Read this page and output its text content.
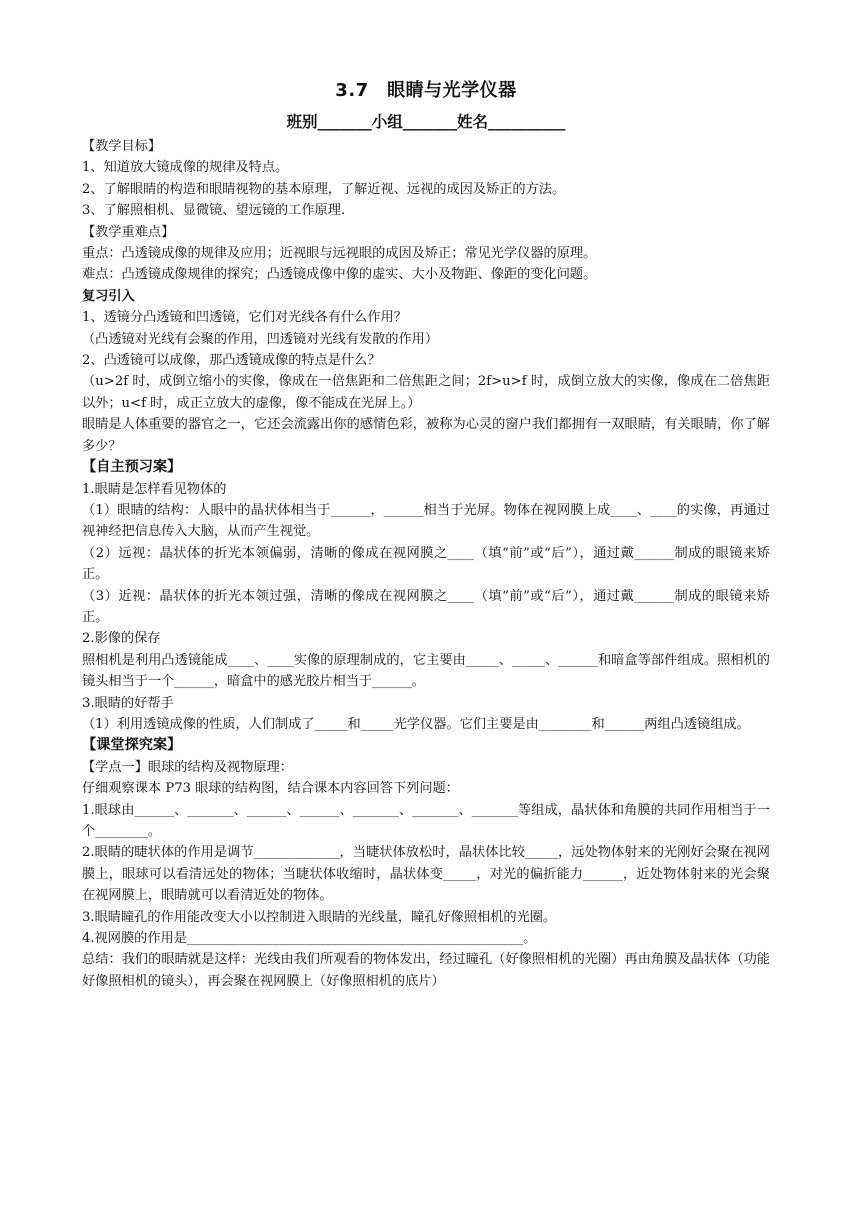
3.7　眼睛与光学仪器
班别_______小组_______姓名__________

【教学目标】

1、知道放大镜成像的规律及特点。

2、了解眼睛的构造和眼睛视物的基本原理，了解近视、远视的成因及矫正的方法。

3、了解照相机、显微镜、望远镜的工作原理.

【教学重难点】

重点：凸透镜成像的规律及应用；近视眼与远视眼的成因及矫正；常见光学仪器的原理。

难点：凸透镜成像规律的探究；凸透镜成像中像的虚实、大小及物距、像距的变化问题。

复习引入

1、透镜分凸透镜和凹透镜，它们对光线各有什么作用？

（凸透镜对光线有会聚的作用，凹透镜对光线有发散的作用）

2、凸透镜可以成像，那凸透镜成像的特点是什么？

（u>2f 时，成倒立缩小的实像，像成在一倍焦距和二倍焦距之间；2f>u>f 时，成倒立放大的实像，像成在二倍焦距以外；u<f 时，成正立放大的虚像，像不能成在光屏上。）

眼睛是人体重要的器官之一，它还会流露出你的感情色彩，被称为心灵的窗户我们都拥有一双眼睛，有关眼睛，你了解多少？

【自主预习案】

1.眼睛是怎样看见物体的

（1）眼睛的结构：人眼中的晶状体相当于______，______相当于光屏。物体在视网膜上成____、____的实像，再通过视神经把信息传入大脑，从而产生视觉。

（2）远视：晶状体的折光本领偏弱，清晰的像成在视网膜之____（填“前”或“后”），通过戴______制成的眼镜来矫正。

（3）近视：晶状体的折光本领过强，清晰的像成在视网膜之____（填“前”或“后”），通过戴______制成的眼镜来矫正。

2.影像的保存

照相机是利用凸透镜能成____、____实像的原理制成的，它主要由_____、_____、______和暗盒等部件组成。照相机的镜头相当于一个______，暗盒中的感光胶片相当于______。

3.眼睛的好帮手

（1）利用透镜成像的性质，人们制成了_____和_____光学仪器。它们主要是由________和______两组凸透镜组成。

【课堂探究案】

【学点一】眼球的结构及视物原理：

仔细观察课本 P73 眼球的结构图，结合课本内容回答下列问题：

1.眼球由______、_______、______、______、_______、_______、_______等组成，晶状体和角膜的共同作用相当于一个________。

2.眼睛的睫状体的作用是调节_____________，当睫状体放松时，晶状体比较_____，远处物体射来的光刚好会聚在视网膜上，眼球可以看清远处的物体；当睫状体收缩时，晶状体变_____，对光的偏折能力______，近处物体射来的光会聚在视网膜上，眼睛就可以看清近处的物体。

3.眼睛瞳孔的作用能改变大小以控制进入眼睛的光线量，瞳孔好像照相机的光圈。

4.视网膜的作用是___________________________________________________。

总结：我们的眼睛就是这样：光线由我们所观看的物体发出，经过瞳孔（好像照相机的光圈）再由角膜及晶状体（功能好像照相机的镜头），再会聚在视网膜上（好像照相机的底片）
